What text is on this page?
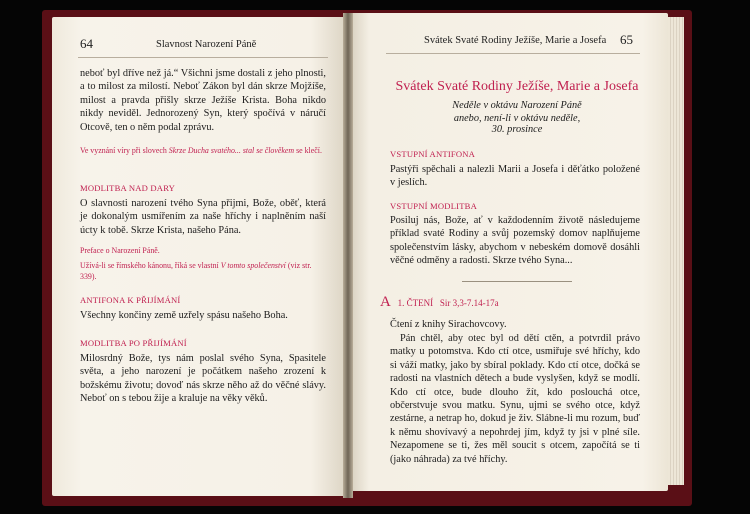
64	Slavnost Narození Páně
neboť byl dříve než já.“ Všichni jsme dostali z jeho plnosti, a to milost za milostí. Neboť Zákon byl dán skrze Mojžíše, milost a pravda přišly skrze Ježíše Krista. Boha nikdo nikdy neviděl. Jednorozený Syn, který spočívá v náručí Otcově, ten o něm podal zprávu.
Ve vyznání víry při slovech Skrze Ducha svatého... stal se člověkem se klečí.
MODLITBA NAD DARY
O slavnosti narození tvého Syna přijmi, Bože, oběť, která je dokonalým usmířením za naše hříchy i naplněním naší úcty k tobě. Skrze Krista, našeho Pána.
Preface o Narození Páně.
Užívá-li se římského kánonu, říká se vlastní V tomto společenství (viz str. 339).
ANTIFONA K PŘIJÍMÁNÍ
Všechny končiny země uzřely spásu našeho Boha.
MODLITBA PO PŘIJÍMÁNÍ
Milosrdný Bože, tys nám poslal svého Syna, Spasitele světa, a jeho narození je počátkem našeho zrození k božskému životu; dovoď nás skrze něho až do věčné slávy. Neboť on s tebou žije a kraluje na věky věků.
Svátek Svaté Rodiny Ježíše, Marie a Josefa 65
Svátek Svaté Rodiny Ježíše, Marie a Josefa
Neděle v oktávu Narození Páně
anebo, není-li v oktávu neděle,
30. prosince
VSTUPNÍ ANTIFONA
Pastýři spěchali a nalezli Marii a Josefa i děťátko položené v jeslích.
VSTUPNÍ MODLITBA
Posiluj nás, Bože, ať v každodenním životě následujeme příklad svaté Rodiny a svůj pozemský domov naplňujeme společenstvím lásky, abychom v nebeském domově dosáhli věčné odměny a radosti. Skrze tvého Syna...
A 1. ČTENÍ Sir 3,3-7.14-17a
Čtení z knihy Sirachovcovy.
Pán chtěl, aby otec byl od dětí ctěn, a potvrdil právo matky u potomstva. Kdo ctí otce, usmiřuje své hříchy, kdo si váží matky, jako by sbíral poklady. Kdo ctí otce, dočká se radosti na vlastních dětech a bude vyslyšen, když se modlí. Kdo ctí otce, bude dlouho žít, kdo poslouchá otce, občerstvuje svou matku. Synu, ujmi se svého otce, když zestárne, a netrap ho, dokud je živ. Slábne-li mu rozum, buď k němu shovívavý a nepohrdej jím, když ty jsi v plné síle. Nezapomene se ti, žes měl soucit s otcem, započítá se ti (jako náhrada) za tvé hříchy.
